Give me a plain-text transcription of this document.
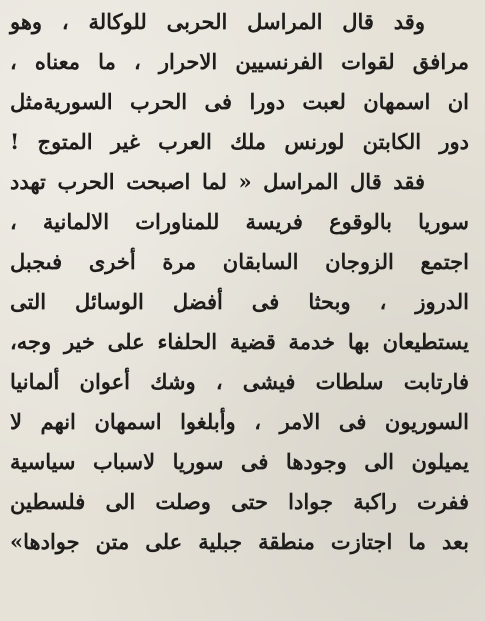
وقد قال المراسل الحربى للوكالة ، وهو
مرافق لقوات الفرنسيين الاحرار ، ما معناه ،
ان اسمهان لعبت دورا فى الحرب السوريةمثل
دور الكابتن لورنس ملك العرب غير المتوج !
فقد قال المراسل « لما اصبحت الحرب تهدد
سوريا بالوقوع فريسة للمناورات الالمانية ،
اجتمع الزوجان السابقان مرة أخرى فىجبل
الدروز ، وبحثا فى أفضل الوسائل التى
يستطيعان بها خدمة قضية الحلفاء على خير وجه،
فارتابت سلطات فيشى ، وشك أعوان ألمانيا
السوريون فى الامر ، وأبلغوا اسمهان انهم لا
يميلون الى وجودها فى سوريا لاسباب سياسية
ففرت راكبة جوادا حتى وصلت الى فلسطين
بعد ما اجتازت منطقة جبلية على متن جوادها»
